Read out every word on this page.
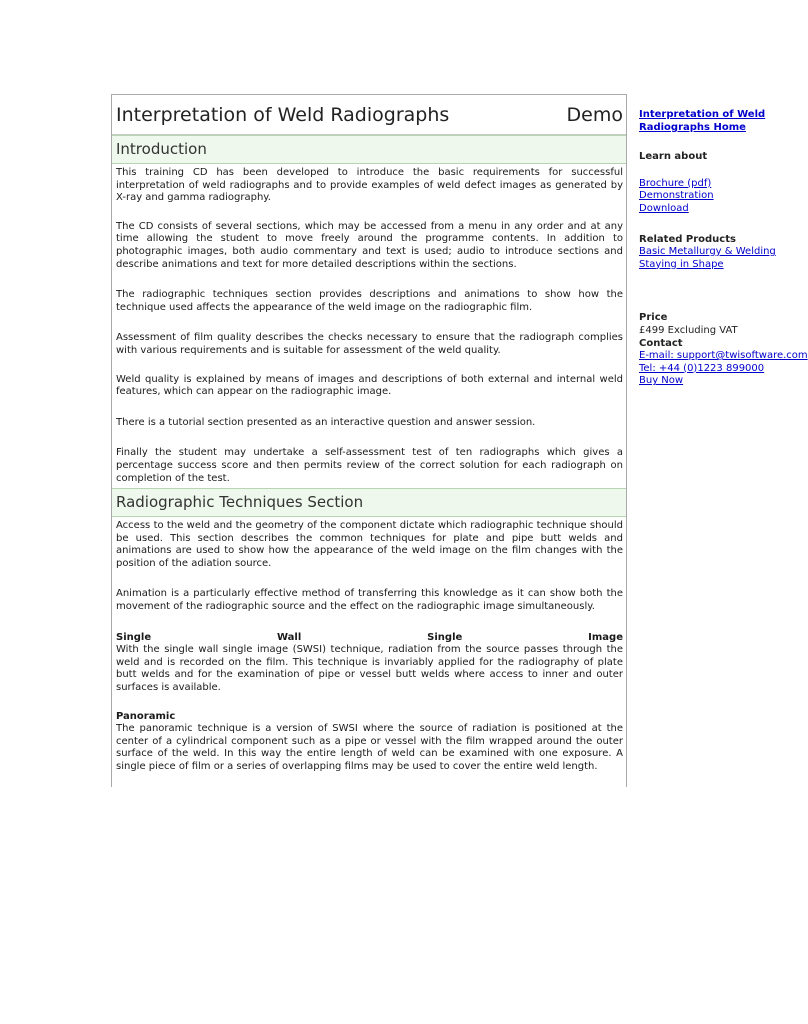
Interpretation of Weld Radiographs	Demo
Introduction

This training CD has been developed to introduce the basic requirements for successful interpretation of weld radiographs and to provide examples of weld defect images as generated by X-ray and gamma radiography.

The CD consists of several sections, which may be accessed from a menu in any order and at any time allowing the student to move freely around the programme contents. In addition to photographic images, both audio commentary and text is used; audio to introduce sections and describe animations and text for more detailed descriptions within the sections.

The radiographic techniques section provides descriptions and animations to show how the technique used affects the appearance of the weld image on the radiographic film.

Assessment of film quality describes the checks necessary to ensure that the radiograph complies with various requirements and is suitable for assessment of the weld quality.

Weld quality is explained by means of images and descriptions of both external and internal weld features, which can appear on the radiographic image.

There is a tutorial section presented as an interactive question and answer session.

Finally the student may undertake a self-assessment test of ten radiographs which gives a percentage success score and then permits review of the correct solution for each radiograph on completion of the test.

Radiographic Techniques Section

Access to the weld and the geometry of the component dictate which radiographic technique should be used. This section describes the common techniques for plate and pipe butt welds and animations are used to show how the appearance of the weld image on the film changes with the position of the adiation source.

Animation is a particularly effective method of transferring this knowledge as it can show both the movement of the radiographic source and the effect on the radiographic image simultaneously.

Single	Wall	Single	Image

With the single wall single image (SWSI) technique, radiation from the source passes through the weld and is recorded on the film. This technique is invariably applied for the radiography of plate butt welds and for the examination of pipe or vessel butt welds where access to inner and outer surfaces is available.

Panoramic

The panoramic technique is a version of SWSI where the source of radiation is positioned at the center of a cylindrical component such as a pipe or vessel with the film wrapped around the outer surface of the weld. In this way the entire length of weld can be examined with one exposure. A single piece of film or a series of overlapping films may be used to cover the entire weld length.

Interpretation of Weld
Radiographs Home
Learn about
Brochure (pdf)
Demonstration
Download
Related Products
Basic Metallurgy & Welding
Staying in Shape
Price
£499 Excluding VAT
Contact
E-mail: support@twisoftware.com
Tel: +44 (0)1223 899000
Buy Now
